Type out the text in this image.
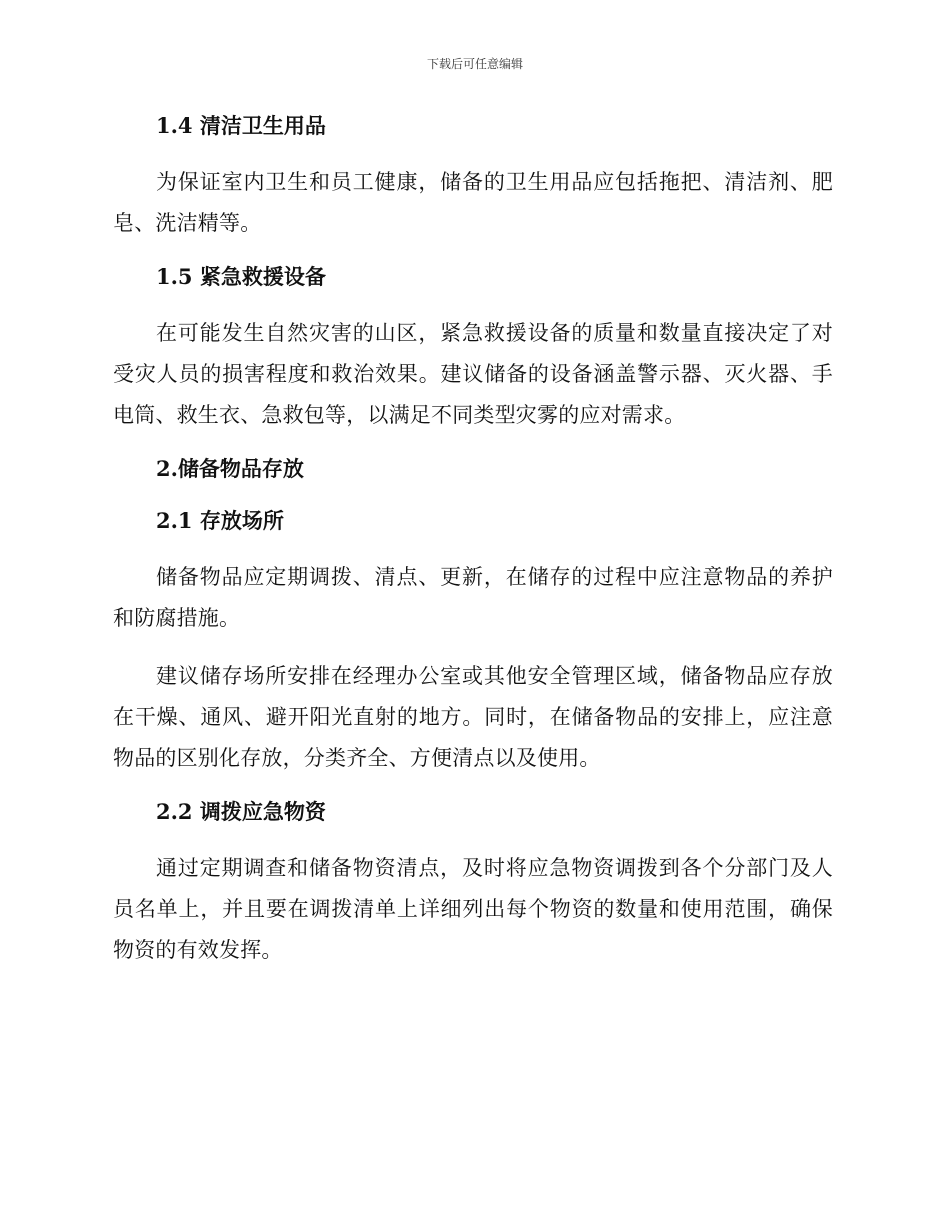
下载后可任意编辑
1.4 清洁卫生用品

为保证室内卫生和员工健康，储备的卫生用品应包括拖把、清洁剂、肥皂、洗洁精等。

1.5 紧急救援设备

在可能发生自然灾害的山区，紧急救援设备的质量和数量直接决定了对受灾人员的损害程度和救治效果。建议储备的设备涵盖警示器、灭火器、手电筒、救生衣、急救包等，以满足不同类型灾雾的应对需求。

2.储备物品存放
2.1 存放场所

储备物品应定期调拨、清点、更新，在储存的过程中应注意物品的养护和防腐措施。

建议储存场所安排在经理办公室或其他安全管理区域，储备物品应存放在干燥、通风、避开阳光直射的地方。同时，在储备物品的安排上，应注意物品的区别化存放，分类齐全、方便清点以及使用。

2.2 调拨应急物资

通过定期调查和储备物资清点，及时将应急物资调拨到各个分部门及人员名单上，并且要在调拨清单上详细列出每个物资的数量和使用范围，确保物资的有效发挥。
